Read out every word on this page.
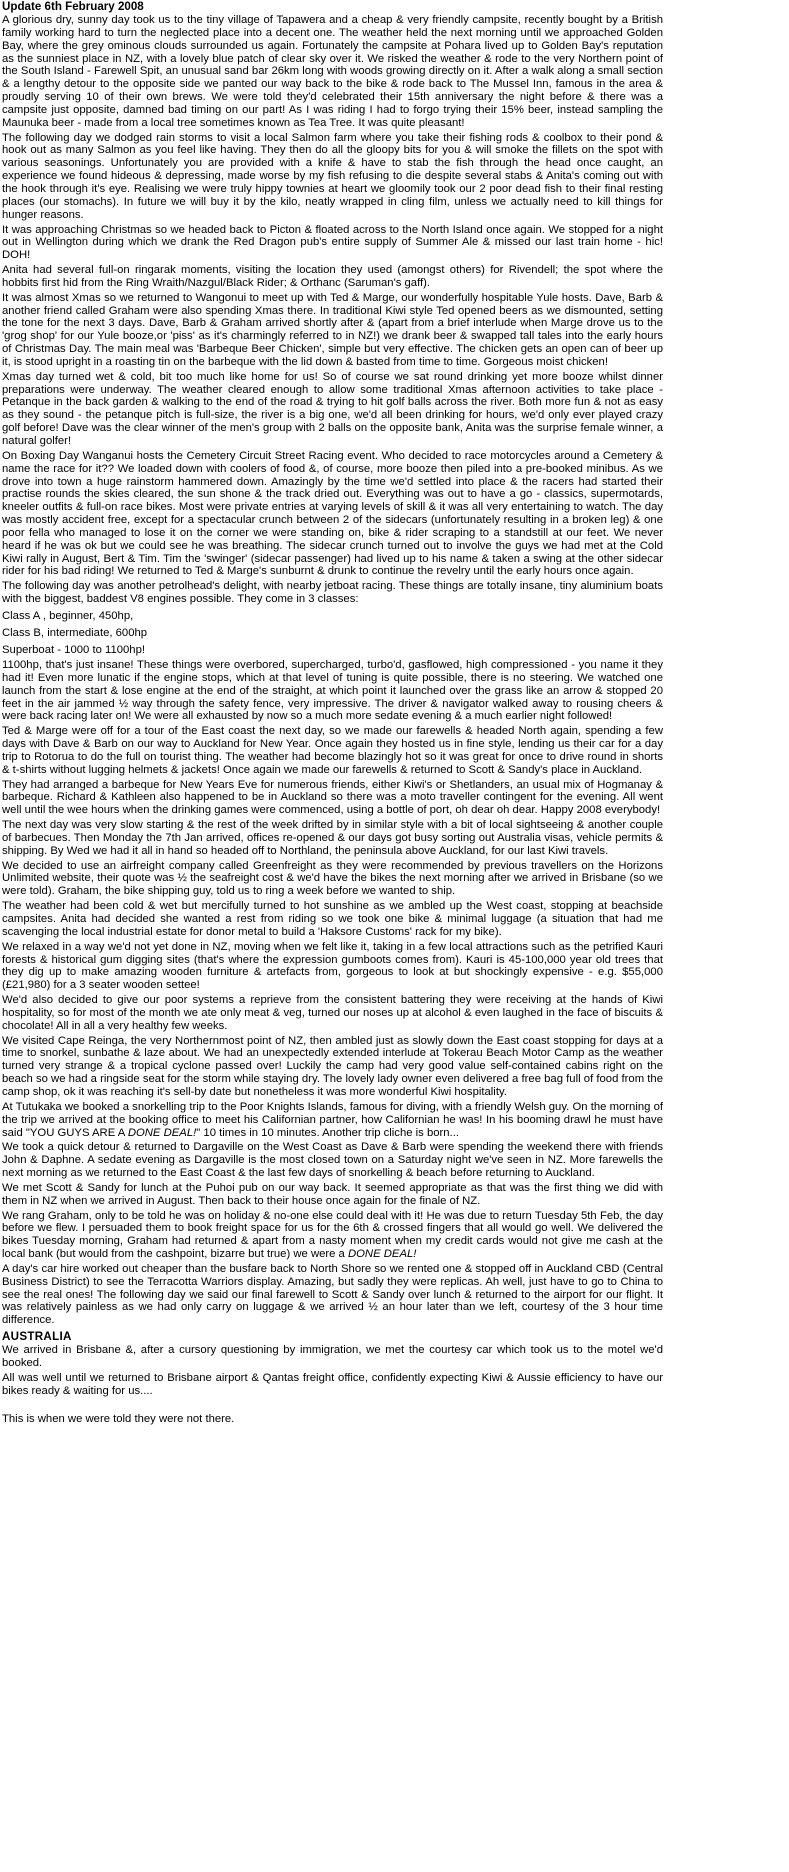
Update 6th February 2008

A glorious dry, sunny day took us to the tiny village of Tapawera and a cheap & very friendly campsite, recently bought by a British family working hard to turn the neglected place into a decent one. The weather held the next morning until we approached Golden Bay, where the grey ominous clouds surrounded us again. Fortunately the campsite at Pohara lived up to Golden Bay's reputation as the sunniest place in NZ, with a lovely blue patch of clear sky over it. We risked the weather & rode to the very Northern point of the South Island - Farewell Spit, an unusual sand bar 26km long with woods growing directly on it. After a walk along a small section & a lengthy detour to the opposite side we panted our way back to the bike & rode back to The Mussel Inn, famous in the area & proudly serving 10 of their own brews. We were told they'd celebrated their 15th anniversary the night before & there was a campsite just opposite, damned bad timing on our part! As I was riding I had to forgo trying their 15% beer, instead sampling the Maunuka beer - made from a local tree sometimes known as Tea Tree. It was quite pleasant!

The following day we dodged rain storms to visit a local Salmon farm where you take their fishing rods & coolbox to their pond & hook out as many Salmon as you feel like having. They then do all the gloopy bits for you & will smoke the fillets on the spot with various seasonings. Unfortunately you are provided with a knife & have to stab the fish through the head once caught, an experience we found hideous & depressing, made worse by my fish refusing to die despite several stabs & Anita's coming out with the hook through it's eye. Realising we were truly hippy townies at heart we gloomily took our 2 poor dead fish to their final resting places (our stomachs). In future we will buy it by the kilo, neatly wrapped in cling film, unless we actually need to kill things for hunger reasons.

It was approaching Christmas so we headed back to Picton & floated across to the North Island once again. We stopped for a night out in Wellington during which we drank the Red Dragon pub's entire supply of Summer Ale & missed our last train home - hic! DOH!

Anita had several full-on ringarak moments, visiting the location they used (amongst others) for Rivendell; the spot where the hobbits first hid from the Ring Wraith/Nazgul/Black Rider; & Orthanc (Saruman's gaff).

It was almost Xmas so we returned to Wangonui to meet up with Ted & Marge, our wonderfully hospitable Yule hosts. Dave, Barb & another friend called Graham were also spending Xmas there. In traditional Kiwi style Ted opened beers as we dismounted, setting the tone for the next 3 days. Dave, Barb & Graham arrived shortly after & (apart from a brief interlude when Marge drove us to the 'grog shop' for our Yule booze,or 'piss' as it's charmingly referred to in NZ!) we drank beer & swapped tall tales into the early hours of Christmas Day. The main meal was 'Barbeque Beer Chicken', simple but very effective. The chicken gets an open can of beer up it, is stood upright in a roasting tin on the barbeque with the lid down & basted from time to time. Gorgeous moist chicken!

Xmas day turned wet & cold, bit too much like home for us! So of course we sat round drinking yet more booze whilst dinner preparations were underway. The weather cleared enough to allow some traditional Xmas afternoon activities to take place - Petanque in the back garden & walking to the end of the road & trying to hit golf balls across the river. Both more fun & not as easy as they sound - the petanque pitch is full-size, the river is a big one, we'd all been drinking for hours, we'd only ever played crazy golf before! Dave was the clear winner of the men's group with 2 balls on the opposite bank, Anita was the surprise female winner, a natural golfer!

On Boxing Day Wanganui hosts the Cemetery Circuit Street Racing event. Who decided to race motorcycles around a Cemetery & name the race for it?? We loaded down with coolers of food &, of course, more booze then piled into a pre-booked minibus. As we drove into town a huge rainstorm hammered down. Amazingly by the time we'd settled into place & the racers had started their practise rounds the skies cleared, the sun shone & the track dried out. Everything was out to have a go - classics, supermotards, kneeler outfits & full-on race bikes. Most were private entries at varying levels of skill & it was all very entertaining to watch. The day was mostly accident free, except for a spectacular crunch between 2 of the sidecars (unfortunately resulting in a broken leg) & one poor fella who managed to lose it on the corner we were standing on, bike & rider scraping to a standstill at our feet. We never heard if he was ok but we could see he was breathing. The sidecar crunch turned out to involve the guys we had met at the Cold Kiwi rally in August, Bert & Tim. Tim the 'swinger' (sidecar passenger) had lived up to his name & taken a swing at the other sidecar rider for his bad riding! We returned to Ted & Marge's sunburnt & drunk to continue the revelry until the early hours once again.

The following day was another petrolhead's delight, with nearby jetboat racing. These things are totally insane, tiny aluminium boats with the biggest, baddest V8 engines possible. They come in 3 classes:

Class A , beginner, 450hp,

Class B, intermediate, 600hp

Superboat - 1000 to 1100hp!

1100hp, that's just insane! These things were overbored, supercharged, turbo'd, gasflowed, high compressioned - you name it they had it! Even more lunatic if the engine stops, which at that level of tuning is quite possible, there is no steering. We watched one launch from the start & lose engine at the end of the straight, at which point it launched over the grass like an arrow & stopped 20 feet in the air jammed ½ way through the safety fence, very impressive. The driver & navigator walked away to rousing cheers & were back racing later on! We were all exhausted by now so a much more sedate evening & a much earlier night followed!

Ted & Marge were off for a tour of the East coast the next day, so we made our farewells & headed North again, spending a few days with Dave & Barb on our way to Auckland for New Year. Once again they hosted us in fine style, lending us their car for a day trip to Rotorua to do the full on tourist thing. The weather had become blazingly hot so it was great for once to drive round in shorts & t-shirts without lugging helmets & jackets! Once again we made our farewells & returned to Scott & Sandy's place in Auckland.

They had arranged a barbeque for New Years Eve for numerous friends, either Kiwi's or Shetlanders, an usual mix of Hogmanay & barbeque. Richard & Kathleen also happened to be in Auckland so there was a moto traveller contingent for the evening. All went well until the wee hours when the drinking games were commenced, using a bottle of port, oh dear oh dear. Happy 2008 everybody!

The next day was very slow starting & the rest of the week drifted by in similar style with a bit of local sightseeing & another couple of barbecues. Then Monday the 7th Jan arrived, offices re-opened & our days got busy sorting out Australia visas, vehicle permits & shipping. By Wed we had it all in hand so headed off to Northland, the peninsula above Auckland, for our last Kiwi travels.

We decided to use an airfreight company called Greenfreight as they were recommended by previous travellers on the Horizons Unlimited website, their quote was ½ the seafreight cost & we'd have the bikes the next morning after we arrived in Brisbane (so we were told). Graham, the bike shipping guy, told us to ring a week before we wanted to ship.

The weather had been cold & wet but mercifully turned to hot sunshine as we ambled up the West coast, stopping at beachside campsites. Anita had decided she wanted a rest from riding so we took one bike & minimal luggage (a situation that had me scavenging the local industrial estate for donor metal to build a 'Haksore Customs' rack for my bike).

We relaxed in a way we'd not yet done in NZ, moving when we felt like it, taking in a few local attractions such as the petrified Kauri forests & historical gum digging sites (that's where the expression gumboots comes from). Kauri is 45-100,000 year old trees that they dig up to make amazing wooden furniture & artefacts from, gorgeous to look at but shockingly expensive - e.g. $55,000 (£21,980) for a 3 seater wooden settee!

We'd also decided to give our poor systems a reprieve from the consistent battering they were receiving at the hands of Kiwi hospitality, so for most of the month we ate only meat & veg, turned our noses up at alcohol & even laughed in the face of biscuits & chocolate! All in all a very healthy few weeks.

We visited Cape Reinga, the very Northernmost point of NZ, then ambled just as slowly down the East coast stopping for days at a time to snorkel, sunbathe & laze about. We had an unexpectedly extended interlude at Tokerau Beach Motor Camp as the weather turned very strange & a tropical cyclone passed over! Luckily the camp had very good value self-contained cabins right on the beach so we had a ringside seat for the storm while staying dry. The lovely lady owner even delivered a free bag full of food from the camp shop, ok it was reaching it's sell-by date but nonetheless it was more wonderful Kiwi hospitality.

At Tutukaka we booked a snorkelling trip to the Poor Knights Islands, famous for diving, with a friendly Welsh guy. On the morning of the trip we arrived at the booking office to meet his Californian partner, how Californian he was! In his booming drawl he must have said "YOU GUYS ARE A DONE DEAL!" 10 times in 10 minutes. Another trip cliche is born...

We took a quick detour & returned to Dargaville on the West Coast as Dave & Barb were spending the weekend there with friends John & Daphne. A sedate evening as Dargaville is the most closed town on a Saturday night we've seen in NZ. More farewells the next morning as we returned to the East Coast & the last few days of snorkelling & beach before returning to Auckland.

We met Scott & Sandy for lunch at the Puhoi pub on our way back. It seemed appropriate as that was the first thing we did with them in NZ when we arrived in August. Then back to their house once again for the finale of NZ.

We rang Graham, only to be told he was on holiday & no-one else could deal with it! He was due to return Tuesday 5th Feb, the day before we flew. I persuaded them to book freight space for us for the 6th & crossed fingers that all would go well. We delivered the bikes Tuesday morning, Graham had returned & apart from a nasty moment when my credit cards would not give me cash at the local bank (but would from the cashpoint, bizarre but true) we were a DONE DEAL!

A day's car hire worked out cheaper than the busfare back to North Shore so we rented one & stopped off in Auckland CBD (Central Business District) to see the Terracotta Warriors display. Amazing, but sadly they were replicas. Ah well, just have to go to China to see the real ones! The following day we said our final farewell to Scott & Sandy over lunch & returned to the airport for our flight. It was relatively painless as we had only carry on luggage & we arrived ½ an hour later than we left, courtesy of the 3 hour time difference.

AUSTRALIA

We arrived in Brisbane &, after a cursory questioning by immigration, we met the courtesy car which took us to the motel we'd booked.

All was well until we returned to Brisbane airport & Qantas freight office, confidently expecting Kiwi & Aussie efficiency to have our bikes ready & waiting for us....

This is when we were told they were not there.
